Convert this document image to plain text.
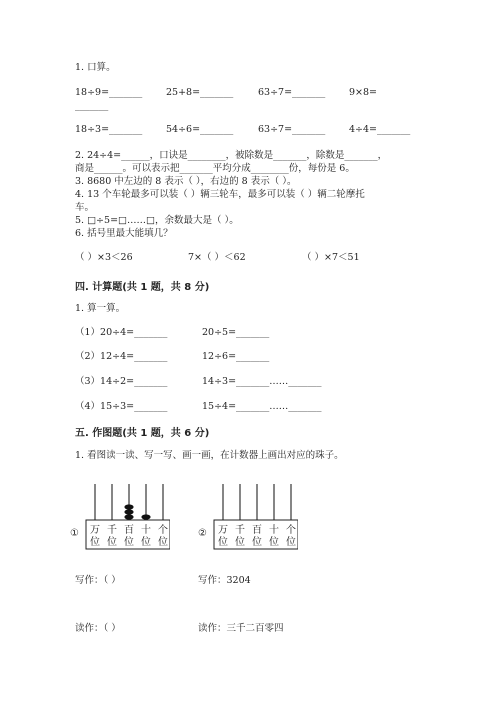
1. 口算。
18÷9=_______ 25+8=_______	63÷7=_______ 9×8=
_______
18÷3=_______ 54÷6=_______	63÷7=_______ 4÷4=_______
2. 24÷4=______，口诀是________，被除数是_______，除数是_______，
商是______。可以表示把_______平均分成________份，每份是 6。
3. 8680 中左边的 8 表示（ ），右边的 8 表示（ ）。
4. 13 个车轮最多可以装（ ）辆三轮车，最多可以装（ ）辆二轮摩托
车。
5. □÷5=□……□，余数最大是（ ）。
6. 括号里最大能填几？
（ ）×3＜26	7×（ ）＜62	（ ）×7＜51
四. 计算题(共 1 题，共 8 分)
1. 算一算。
（1）20÷4=_______	20÷5=_______
（2）12÷4=_______	12÷6=_______
（3）14÷2=_______	14÷3=_______……_______
（4）15÷3=_______	15÷4=_______……_______
五. 作图题(共 1 题，共 6 分)
1. 看图读一读、写一写、画一画，在计数器上画出对应的珠子。
① 万 千 百 十 个
位 位 位 位 位
② 万 千 百 十 个
位 位 位 位 位
写作：（ ）	写作：3204
读作：（ ）	读作：三千二百零四
